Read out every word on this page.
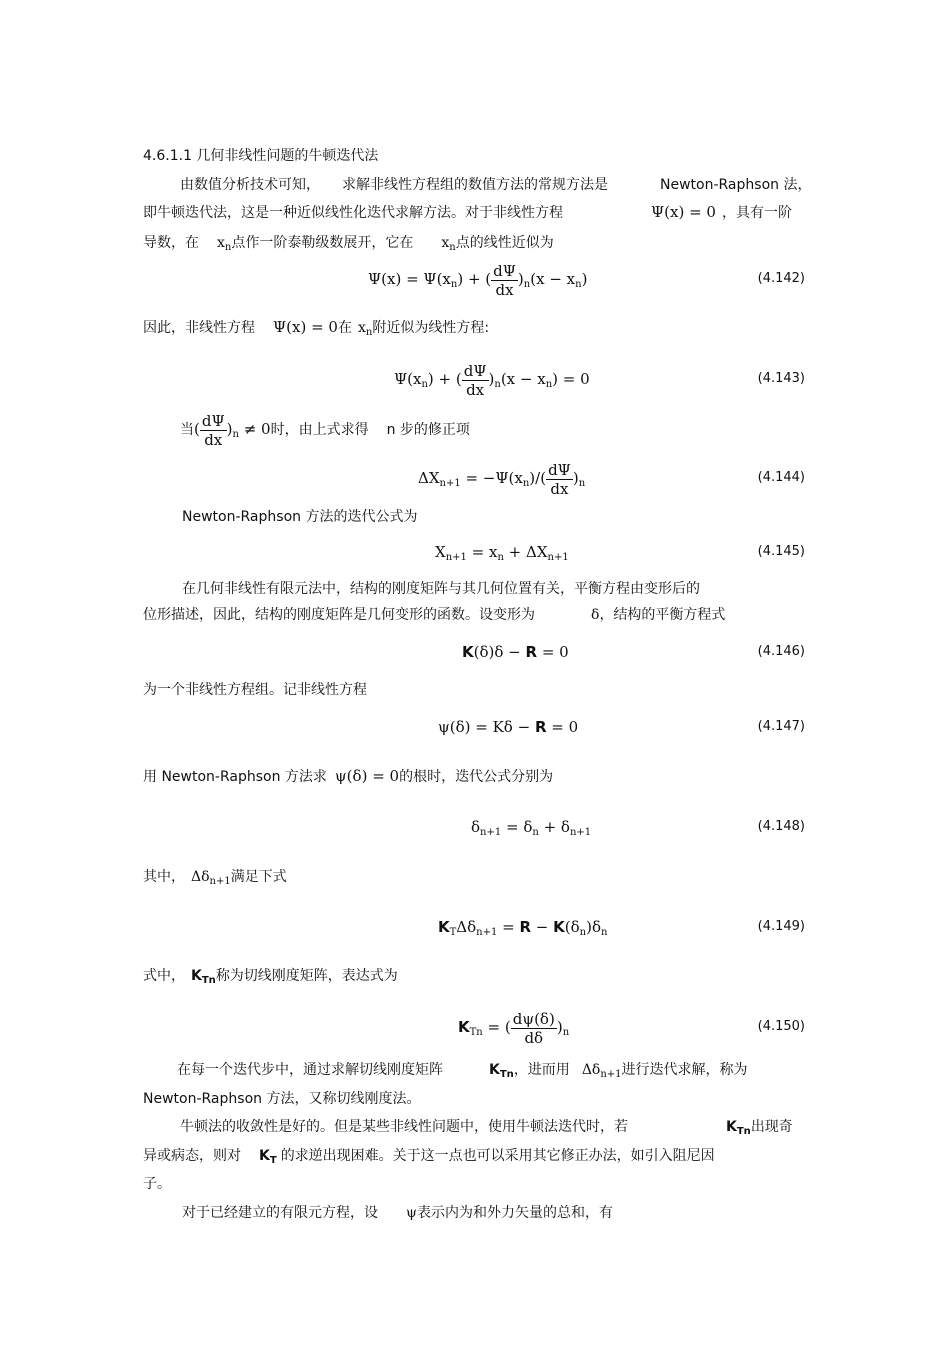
4.6.1.1 几何非线性问题的牛顿迭代法
由数值分析技术可知， 求解非线性方程组的数值方法的常规方法是	Newton-Raphson 法，
即牛顿迭代法，这是一种近似线性化迭代求解方法。对于非线性方程	Ψ(x) = 0 ，具有一阶
导数，在 $x_n$点作一阶泰勒级数展开，它在 $x_n$点的线性近似为
$\Psi(x) = \Psi(x_n)$ + ( $\frac{d\Psi}{dx} )_n(x - x_n)$	(4.142)
因此，非线性方程 Ψ(x) = 0在 $x_n$附近似为线性方程:
$\Psi(x_n)$ + ( $\frac{d\Psi}{dx} )_n(x - x_n) = 0$	(4.143)
当( $\frac{d\Psi}{dx} )_n \ne 0$时，由上式求得 n 步的修正项
$\Delta X_{n+1} = -\Psi(x_n)/( \frac{d\Psi}{dx} )_n$	(4.144)
Newton-Raphson 方法的迭代公式为
$X_{n+1} = x_n + \Delta X_{n+1}$	(4.145)
在几何非线性有限元法中，结构的刚度矩阵与其几何位置有关，平衡方程由变形后的
位形描述，因此，结构的刚度矩阵是几何变形的函数。设变形为	δ，结构的平衡方程式
K(δ)δ − R = 0	(4.146)
为一个非线性方程组。记非线性方程
ψ(δ) = Kδ − R = 0	(4.147)
用 Newton-Raphson 方法求 ψ(δ) = 0的根时，迭代公式分别为
$\delta_{n+1} = \delta_n + \delta_{n+1}$	(4.148)
其中， $\Delta\delta_{n+1}$满足下式
$K_T\Delta\delta_{n+1} = R - K(\delta_n)\delta_n$	(4.149)
式中， $K_{Tn}$称为切线刚度矩阵，表达式为
$K_{Tn}$ = ( $\frac{d\psi(\delta)}{d\delta} )_n$	(4.150)
在每一个迭代步中，通过求解切线刚度矩阵	$K_{Tn}$，进而用 $\Delta\delta_{n+1}$进行迭代求解，称为
Newton-Raphson 方法，又称切线刚度法。
牛顿法的收敛性是好的。但是某些非线性问题中，使用牛顿法迭代时，若	$K_{Tn}$出现奇
异或病态，则对 $K_T$ 的求逆出现困难。关于这一点也可以采用其它修正办法，如引入阻尼因
子。
对于已经建立的有限元方程，设 ψ表示内为和外力矢量的总和，有
